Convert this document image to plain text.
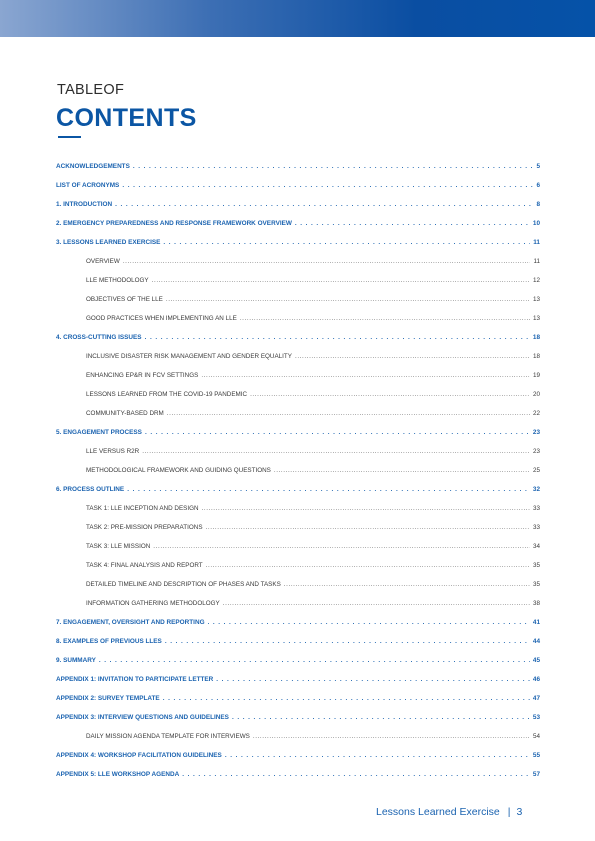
TABLEOF
CONTENTS
ACKNOWLEDGEMENTS .....	5
LIST OF ACRONYMS .....	6
1. INTRODUCTION .....	8
2. EMERGENCY PREPAREDNESS AND RESPONSE FRAMEWORK OVERVIEW .....	10
3. LESSONS LEARNED EXERCISE .....	11
OVERVIEW .....	11
LLE METHODOLOGY .....	12
OBJECTIVES OF THE LLE .....	13
GOOD PRACTICES WHEN IMPLEMENTING AN LLE .....	13
4. CROSS-CUTTING ISSUES .....	18
INCLUSIVE DISASTER RISK MANAGEMENT AND GENDER EQUALITY .....	18
ENHANCING EP&R IN FCV SETTINGS .....	19
LESSONS LEARNED FROM THE COVID-19 PANDEMIC .....	20
COMMUNITY-BASED DRM .....	22
5. ENGAGEMENT PROCESS .....	23
LLE VERSUS R2R .....	23
METHODOLOGICAL FRAMEWORK AND GUIDING QUESTIONS .....	25
6. PROCESS OUTLINE .....	32
TASK 1: LLE INCEPTION AND DESIGN .....	33
TASK 2: PRE-MISSION PREPARATIONS .....	33
TASK 3: LLE MISSION .....	34
TASK 4: FINAL ANALYSIS AND REPORT .....	35
DETAILED TIMELINE AND DESCRIPTION OF PHASES AND TASKS .....	35
INFORMATION GATHERING METHODOLOGY .....	38
7. ENGAGEMENT, OVERSIGHT AND REPORTING .....	41
8. EXAMPLES OF PREVIOUS LLES .....	44
9. SUMMARY .....	45
APPENDIX 1: INVITATION TO PARTICIPATE LETTER .....	46
APPENDIX 2: SURVEY TEMPLATE .....	47
APPENDIX 3: INTERVIEW QUESTIONS AND GUIDELINES .....	53
DAILY MISSION AGENDA TEMPLATE FOR INTERVIEWS .....	54
APPENDIX 4: WORKSHOP FACILITATION GUIDELINES .....	55
APPENDIX 5: LLE WORKSHOP AGENDA .....	57
Lessons Learned Exercise | 3
